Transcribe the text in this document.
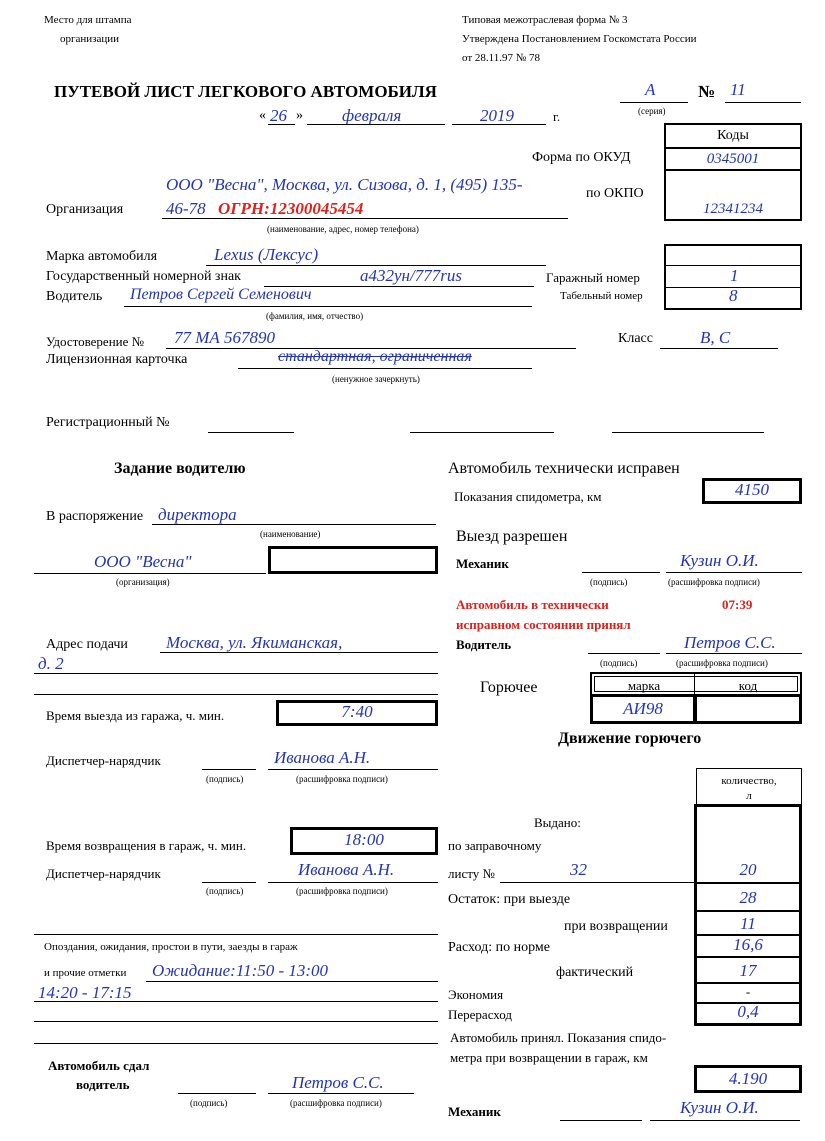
Место для штампа
организации
Типовая межотраслевая форма № 3
Утверждена Постановлением Госкомстата России
от 28.11.97 № 78
ПУТЕВОЙ ЛИСТ ЛЕГКОВОГО АВТОМОБИЛЯ	А
(серия)
№ 11
« 26 » февраля	2019	г.
Коды
0345001
Форма по ОКУД
12341234
по ОКПО
ООО "Весна", Москва, ул. Сизова, д. 1, (495) 135-
46-78 ОГРН:12300045454
Организация
(наименование, адрес, номер телефона)
Марка автомобиля	Lexus (Лексус)
Государственный номерной знак	а432ун/777rus	Гаражный номер	1
Водитель Петров Сергей Семенович	Табельный номер	8
(фамилия, имя, отчество)
Удостоверение № 77 МА 567890	Класс	В, С
Лицензионная карточка	стандартная, ограниченная
(ненужное зачеркнуть)
Регистрационный №
Задание водителю
В распоряжение директора
(наименование)
ООО "Весна"
(организация)
Адрес подачи Москва, ул. Якиманская,
д. 2
Время выезда из гаража, ч. мин.	7:40
Диспетчер-нарядчик	Иванова А.Н.
(подпись)	(расшифровка подписи)
Время возвращения в гараж, ч. мин.	18:00
Диспетчер-нарядчик	Иванова А.Н.
(подпись)	(расшифровка подписи)
Опоздания, ожидания, простои в пути, заезды в гараж
и прочие отметки Ожидание:11:50 - 13:00
14:20 - 17:15
Автомобиль сдал
водитель	Петров С.С.
(подпись)	(расшифровка подписи)
Автомобиль технически исправен
Показания спидометра, км	4150
Выезд разрешен
Механик	Кузин О.И.
(подпись)	(расшифровка подписи)
Автомобиль в технически
исправном состоянии принял
07:39
Водитель	Петров С.С.
(подпись)	(расшифровка подписи)
Горючее	марка	код
АИ98
Движение горючего
количество,
л
Выдано:
по заправочному
листу №	32	20
Остаток: при выезде	28
при возвращении	11
Расход: по норме	16,6
фактический	17
Экономия	-
Перерасход	0,4
Автомобиль принял. Показания спидо-
метра при возвращении в гараж, км
4.190
Механик	Кузин О.И.
